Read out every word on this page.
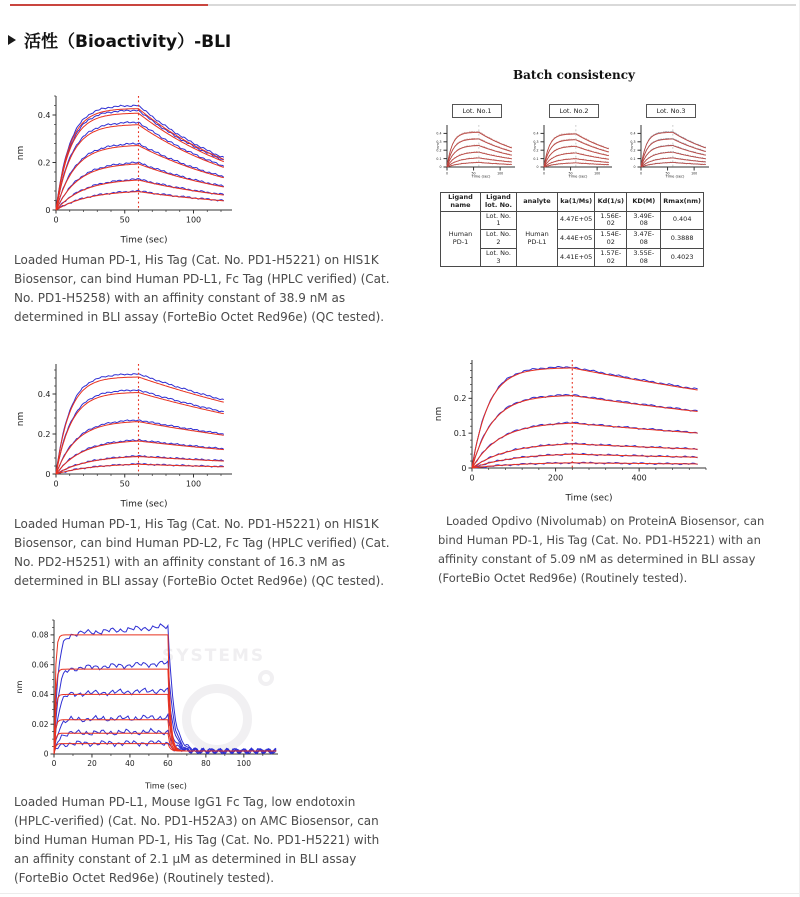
活性（Bioactivity）-BLI
0	50	100
0
0.2
0.4
Time (sec)
nm

Batch consistency

Lot. No.1
0	50	100
0
0.1
0.2
0.3
0.4
Time (sec)
nm
Lot. No.2
0	50	100
0
0.1
0.2
0.3
0.4
Time (sec)
nm
Lot. No.3
0	50	100
0
0.1
0.2
0.3
0.4
Time (sec)
nm
Ligand name	Ligand lot. No.	analyte	ka(1/Ms)	Kd(1/s)	KD(M)	Rmax(nm)
Human PD-1	Lot. No. 1	Human PD-L1	4.47E+05	1.56E-02	3.49E-08	0.404
	Lot. No. 2		4.44E+05	1.54E-02	3.47E-08	0.3888
	Lot. No. 3		4.41E+05	1.57E-02	3.55E-08	0.4023

Loaded Human PD-1, His Tag (Cat. No. PD1-H5221) on HIS1K Biosensor, can bind Human PD-L1, Fc Tag (HPLC verified) (Cat. No. PD1-H5258) with an affinity constant of 38.9 nM as determined in BLI assay (ForteBio Octet Red96e) (QC tested).

0	50	100
0
0.2
0.4
Time (sec)
nm

Loaded Human PD-1, His Tag (Cat. No. PD1-H5221) on HIS1K Biosensor, can bind Human PD-L2, Fc Tag (HPLC verified) (Cat. No. PD2-H5251) with an affinity constant of 16.3 nM as determined in BLI assay (ForteBio Octet Red96e) (QC tested).

0	200	400
0
0.1
0.2
Time (sec)
nm

Loaded Opdivo (Nivolumab) on ProteinA Biosensor, can bind Human PD-1, His Tag (Cat. No. PD1-H5221) with an affinity constant of 5.09 nM as determined in BLI assay (ForteBio Octet Red96e) (Routinely tested).

SYSTEMS
0	20	40	60	80	100
0
0.02
0.04
0.06
0.08
Time (sec)
nm

Loaded Human PD-L1, Mouse IgG1 Fc Tag, low endotoxin (HPLC-verified) (Cat. No. PD1-H52A3) on AMC Biosensor, can bind Human Human PD-1, His Tag (Cat. No. PD1-H5221) with an affinity constant of 2.1 μM as determined in BLI assay (ForteBio Octet Red96e) (Routinely tested).
